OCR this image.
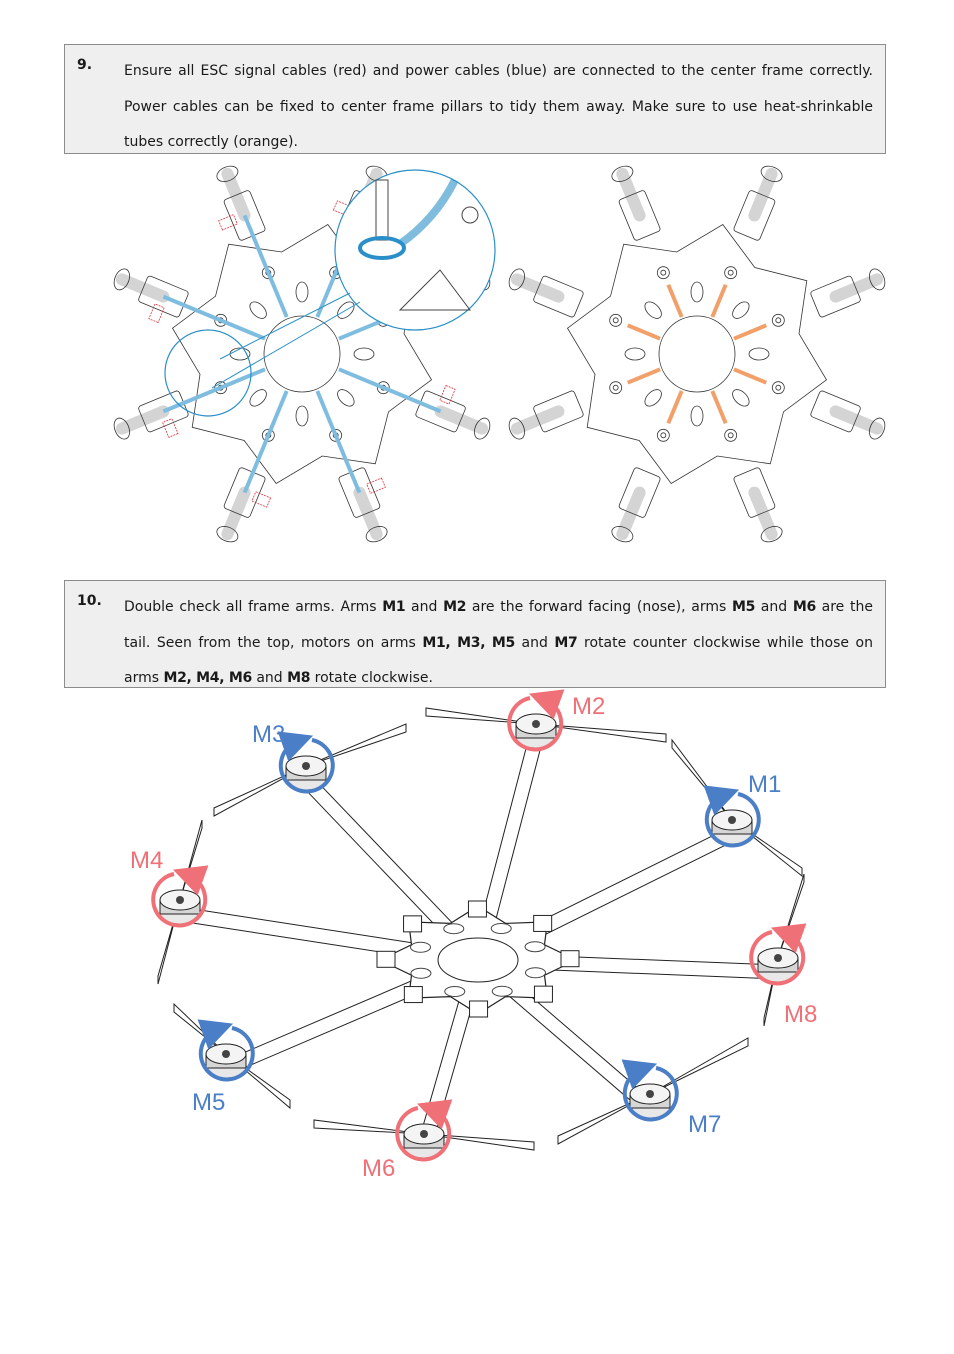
9. Ensure all ESC signal cables (red) and power cables (blue) are connected to the center frame correctly. Power cables can be fixed to center frame pillars to tidy them away. Make sure to use heat-shrinkable tubes correctly (orange).
10. Double check all frame arms. Arms M1 and M2 are the forward facing (nose), arms M5 and M6 are the tail. Seen from the top, motors on arms M1, M3, M5 and M7 rotate counter clockwise while those on arms M2, M4, M6 and M8 rotate clockwise.
M1
M2
M3
M4
M5
M6
M7
M8
